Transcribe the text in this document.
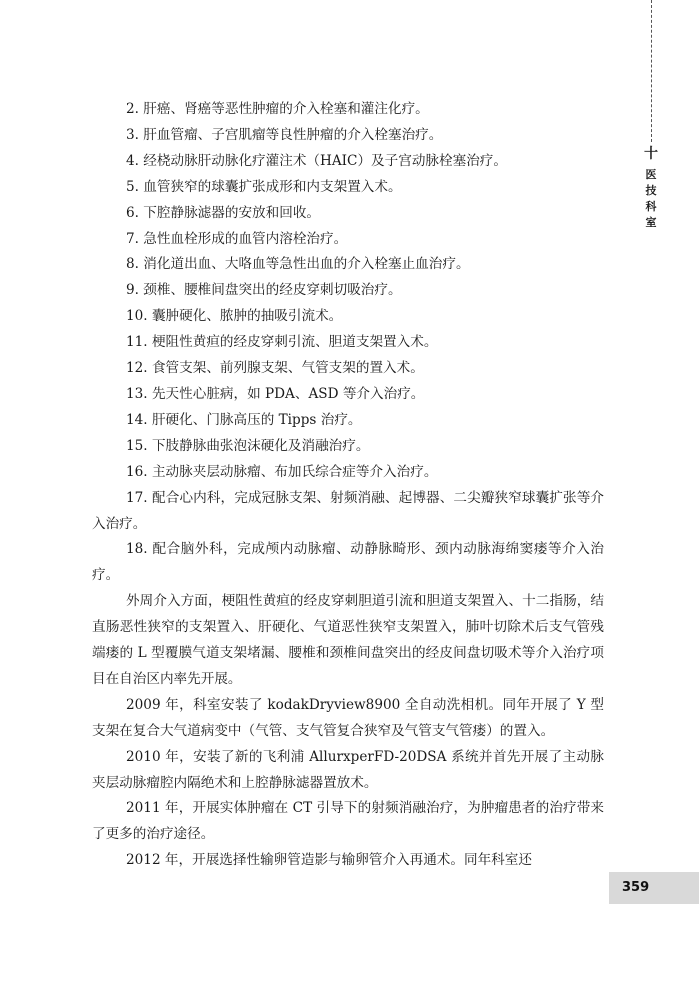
十
医
技
科
室

2. 肝癌、肾癌等恶性肿瘤的介入栓塞和灌注化疗。

3. 肝血管瘤、子宫肌瘤等良性肿瘤的介入栓塞治疗。

4. 经桡动脉肝动脉化疗灌注术（HAIC）及子宫动脉栓塞治疗。

5. 血管狭窄的球囊扩张成形和内支架置入术。

6. 下腔静脉滤器的安放和回收。

7. 急性血栓形成的血管内溶栓治疗。

8. 消化道出血、大咯血等急性出血的介入栓塞止血治疗。

9. 颈椎、腰椎间盘突出的经皮穿刺切吸治疗。

10. 囊肿硬化、脓肿的抽吸引流术。

11. 梗阻性黄疸的经皮穿刺引流、胆道支架置入术。

12. 食管支架、前列腺支架、气管支架的置入术。

13. 先天性心脏病，如 PDA、ASD 等介入治疗。

14. 肝硬化、门脉高压的 Tipps 治疗。

15. 下肢静脉曲张泡沫硬化及消融治疗。

16. 主动脉夹层动脉瘤、布加氏综合症等介入治疗。

17. 配合心内科，完成冠脉支架、射频消融、起博器、二尖瓣狭窄球囊扩张等介入治疗。

18. 配合脑外科，完成颅内动脉瘤、动静脉畸形、颈内动脉海绵窦瘘等介入治疗。

外周介入方面，梗阻性黄疸的经皮穿刺胆道引流和胆道支架置入、十二指肠，结直肠恶性狭窄的支架置入、肝硬化、气道恶性狭窄支架置入，肺叶切除术后支气管残端瘘的 L 型覆膜气道支架堵漏、腰椎和颈椎间盘突出的经皮间盘切吸术等介入治疗项目在自治区内率先开展。

2009 年，科室安装了 kodakDryview8900 全自动洗相机。同年开展了 Y 型支架在复合大气道病变中（气管、支气管复合狭窄及气管支气管瘘）的置入。

2010 年，安装了新的飞利浦 AllurxperFD-20DSA 系统并首先开展了主动脉夹层动脉瘤腔内隔绝术和上腔静脉滤器置放术。

2011 年，开展实体肿瘤在 CT 引导下的射频消融治疗，为肿瘤患者的治疗带来了更多的治疗途径。

2012 年，开展选择性输卵管造影与输卵管介入再通术。同年科室还

359
